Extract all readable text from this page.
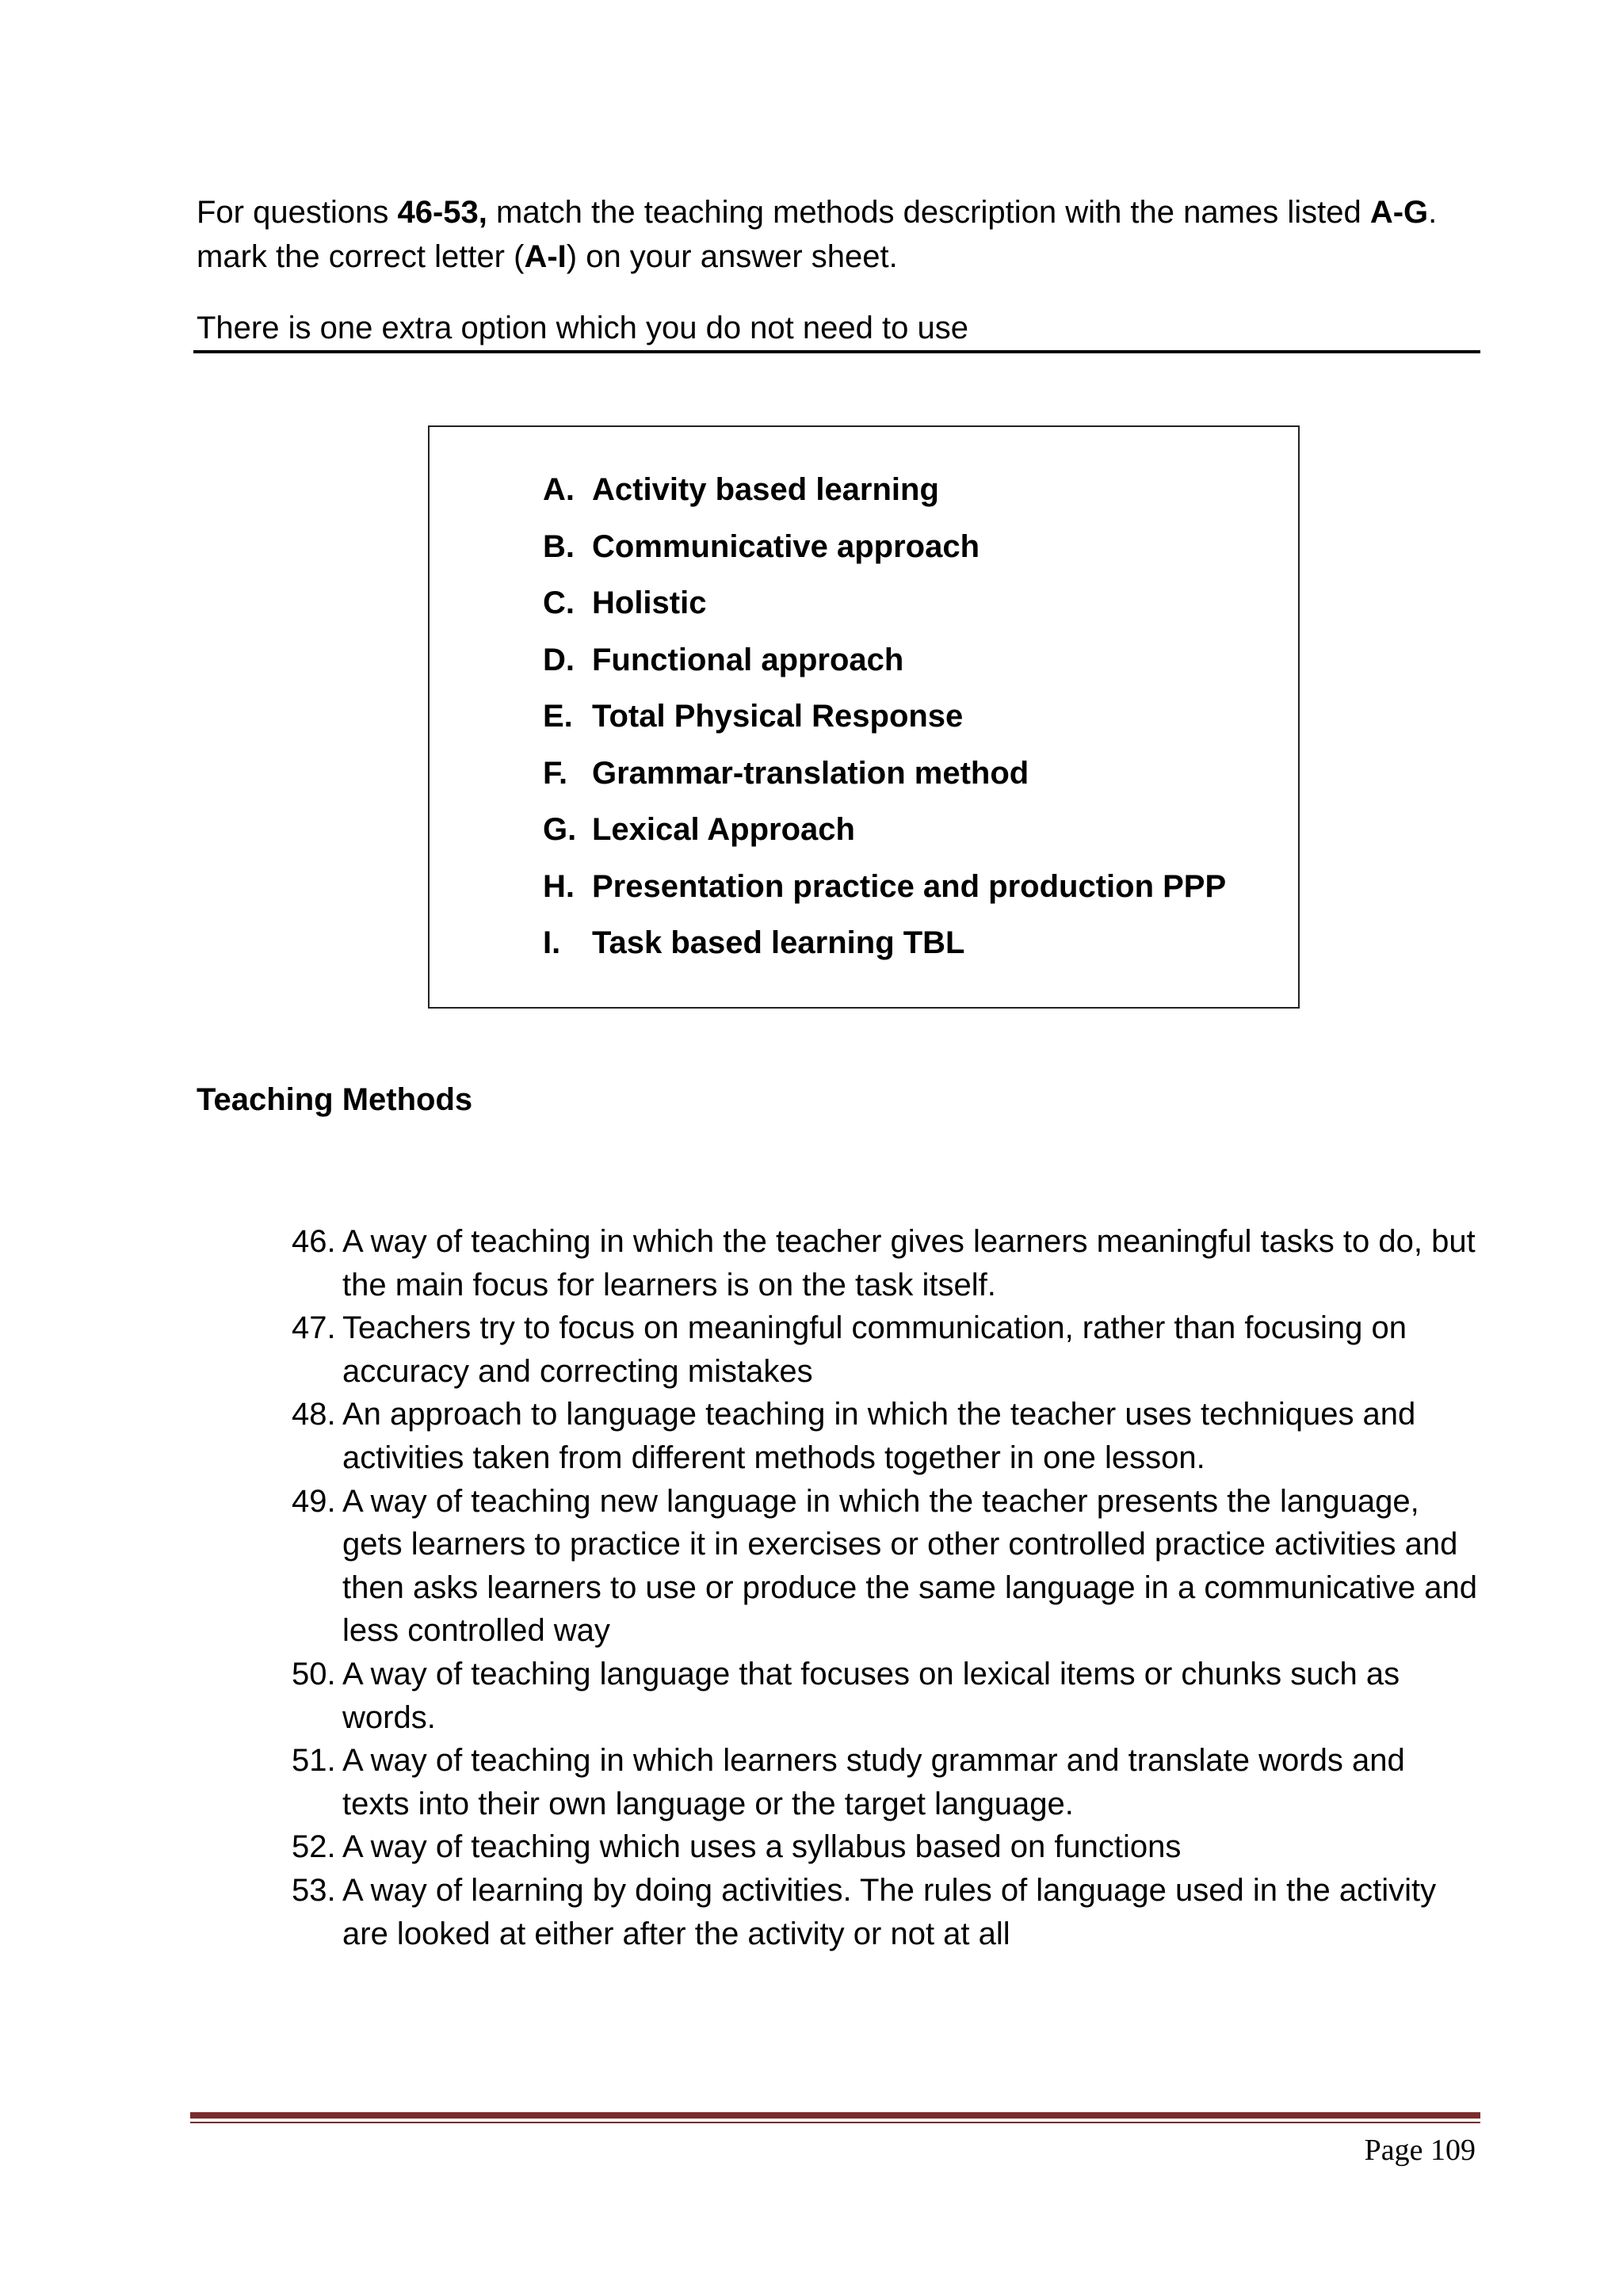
For questions 46-53, match the teaching methods description with the names listed A-G. mark the correct letter (A-I) on your answer sheet.

There is one extra option which you do not need to use

A. Activity based learning
B. Communicative approach
C. Holistic
D. Functional approach
E. Total Physical Response
F. Grammar-translation method
G. Lexical Approach
H. Presentation practice and production PPP
I. Task based learning TBL
Teaching Methods
46. A way of teaching in which the teacher gives learners meaningful tasks to do, but the main focus for learners is on the task itself.
47. Teachers try to focus on meaningful communication, rather than focusing on accuracy and correcting mistakes
48. An approach to language teaching in which the teacher uses techniques and activities taken from different methods together in one lesson.
49. A way of teaching new language in which the teacher presents the language, gets learners to practice it in exercises or other controlled practice activities and then asks learners to use or produce the same language in a communicative and less controlled way
50. A way of teaching language that focuses on lexical items or chunks such as words.
51. A way of teaching in which learners study grammar and translate words and texts into their own language or the target language.
52. A way of teaching which uses a syllabus based on functions
53. A way of learning by doing activities. The rules of language used in the activity are looked at either after the activity or not at all
Page 109
